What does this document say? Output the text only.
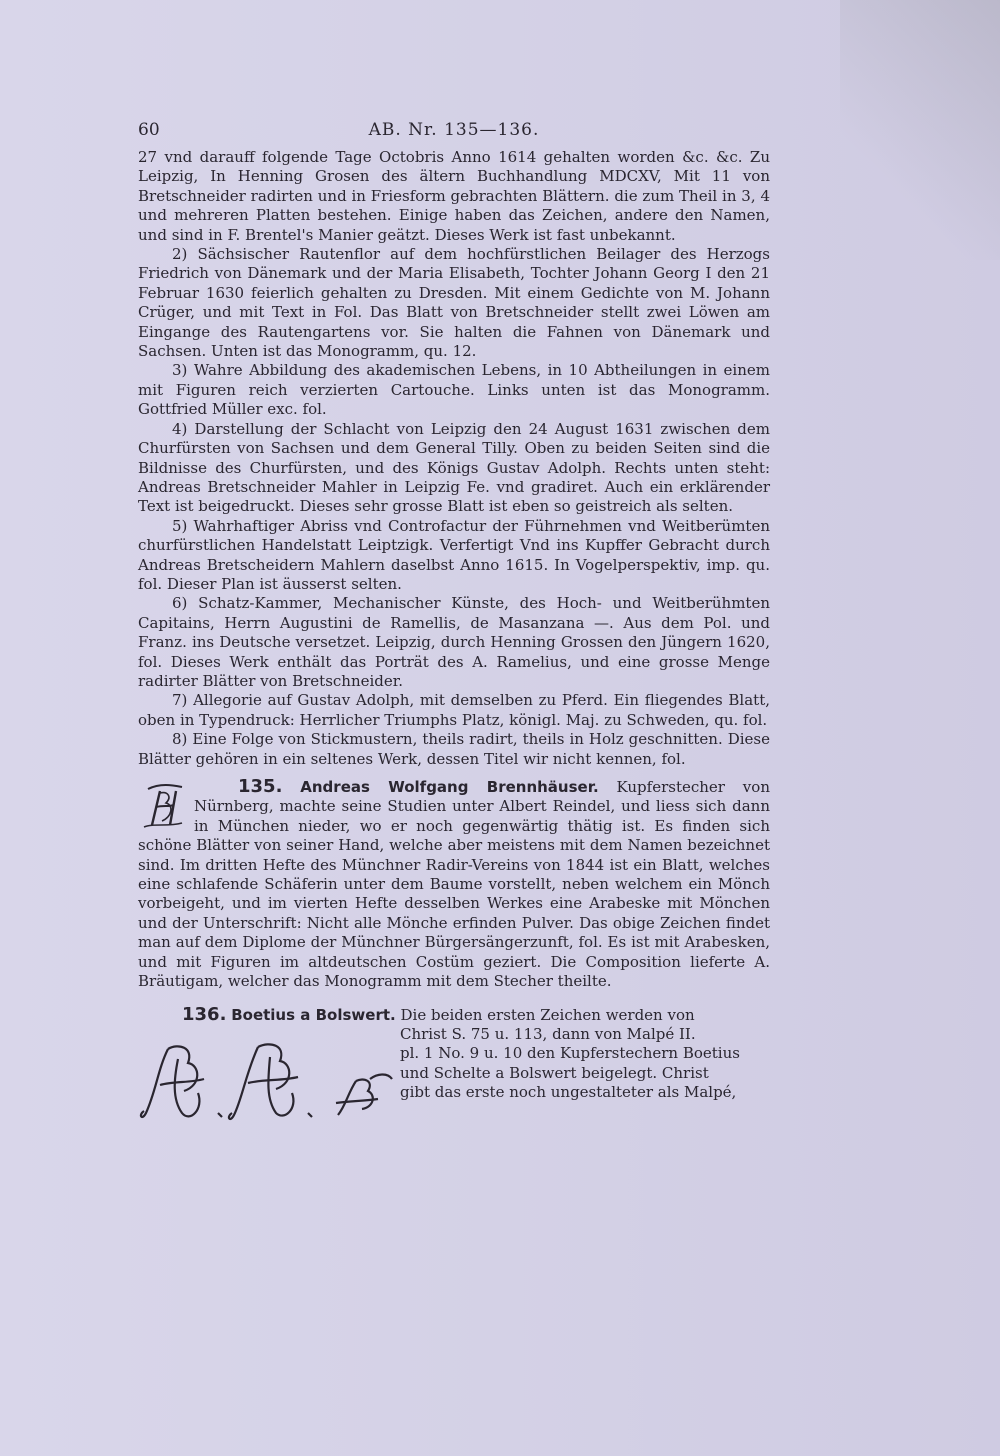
60	AB. Nr. 135—136.

27 vnd darauff folgende Tage Octobris Anno 1614 gehalten worden &c. &c. Zu Leipzig, In Henning Grosen des ältern Buchhandlung MDCXV, Mit 11 von Bretschneider radirten und in Friesform gebrachten Blättern. die zum Theil in 3, 4 und mehreren Platten bestehen. Einige haben das Zeichen, andere den Namen, und sind in F. Brentel's Manier geätzt. Dieses Werk ist fast unbekannt.

2) Sächsischer Rautenflor auf dem hochfürstlichen Beilager des Herzogs Friedrich von Dänemark und der Maria Elisabeth, Tochter Johann Georg I den 21 Februar 1630 feierlich gehalten zu Dresden. Mit einem Gedichte von M. Johann Crüger, und mit Text in Fol. Das Blatt von Bretschneider stellt zwei Löwen am Eingange des Rautengartens vor. Sie halten die Fahnen von Dänemark und Sachsen. Unten ist das Monogramm, qu. 12.

3) Wahre Abbildung des akademischen Lebens, in 10 Abtheilungen in einem mit Figuren reich verzierten Cartouche. Links unten ist das Monogramm. Gottfried Müller exc. fol.

4) Darstellung der Schlacht von Leipzig den 24 August 1631 zwischen dem Churfürsten von Sachsen und dem General Tilly. Oben zu beiden Seiten sind die Bildnisse des Churfürsten, und des Königs Gustav Adolph. Rechts unten steht: Andreas Bretschneider Mahler in Leipzig Fe. vnd gradiret. Auch ein erklärender Text ist beigedruckt. Dieses sehr grosse Blatt ist eben so geistreich als selten.

5) Wahrhaftiger Abriss vnd Controfactur der Führnehmen vnd Weitberümten churfürstlichen Handelstatt Leiptzigk. Verfertigt Vnd ins Kupffer Gebracht durch Andreas Bretscheidern Mahlern daselbst Anno 1615. In Vogelperspektiv, imp. qu. fol. Dieser Plan ist äusserst selten.

6) Schatz-Kammer, Mechanischer Künste, des Hoch- und Weitberühmten Capitains, Herrn Augustini de Ramellis, de Masanzana —. Aus dem Pol. und Franz. ins Deutsche versetzet. Leipzig, durch Henning Grossen den Jüngern 1620, fol. Dieses Werk enthält das Porträt des A. Ramelius, und eine grosse Menge radirter Blätter von Bretschneider.

7) Allegorie auf Gustav Adolph, mit demselben zu Pferd. Ein fliegendes Blatt, oben in Typendruck: Herrlicher Triumphs Platz, königl. Maj. zu Schweden, qu. fol.

8) Eine Folge von Stickmustern, theils radirt, theils in Holz geschnitten. Diese Blätter gehören in ein seltenes Werk, dessen Titel wir nicht kennen, fol.

135. Andreas Wolfgang Brennhäuser. Kupferstecher von Nürnberg, machte seine Studien unter Albert Reindel, und liess sich dann in München nieder, wo er noch gegenwärtig thätig ist. Es finden sich schöne Blätter von seiner Hand, welche aber meistens mit dem Namen bezeichnet sind. Im dritten Hefte des Münchner Radir-Vereins von 1844 ist ein Blatt, welches eine schlafende Schäferin unter dem Baume vorstellt, neben welchem ein Mönch vorbeigeht, und im vierten Hefte desselben Werkes eine Arabeske mit Mönchen und der Unterschrift: Nicht alle Mönche erfinden Pulver. Das obige Zeichen findet man auf dem Diplome der Münchner Bürgersängerzunft, fol. Es ist mit Arabesken, und mit Figuren im altdeutschen Costüm geziert. Die Composition lieferte A. Bräutigam, welcher das Monogramm mit dem Stecher theilte.
136. Boetius a Bolswert. Die beiden ersten Zeichen werden von
Christ S. 75 u. 113, dann von Malpé II.
pl. 1 No. 9 u. 10 den Kupferstechern Boetius
und Schelte a Bolswert beigelegt. Christ
gibt das erste noch ungestalteter als Malpé,
